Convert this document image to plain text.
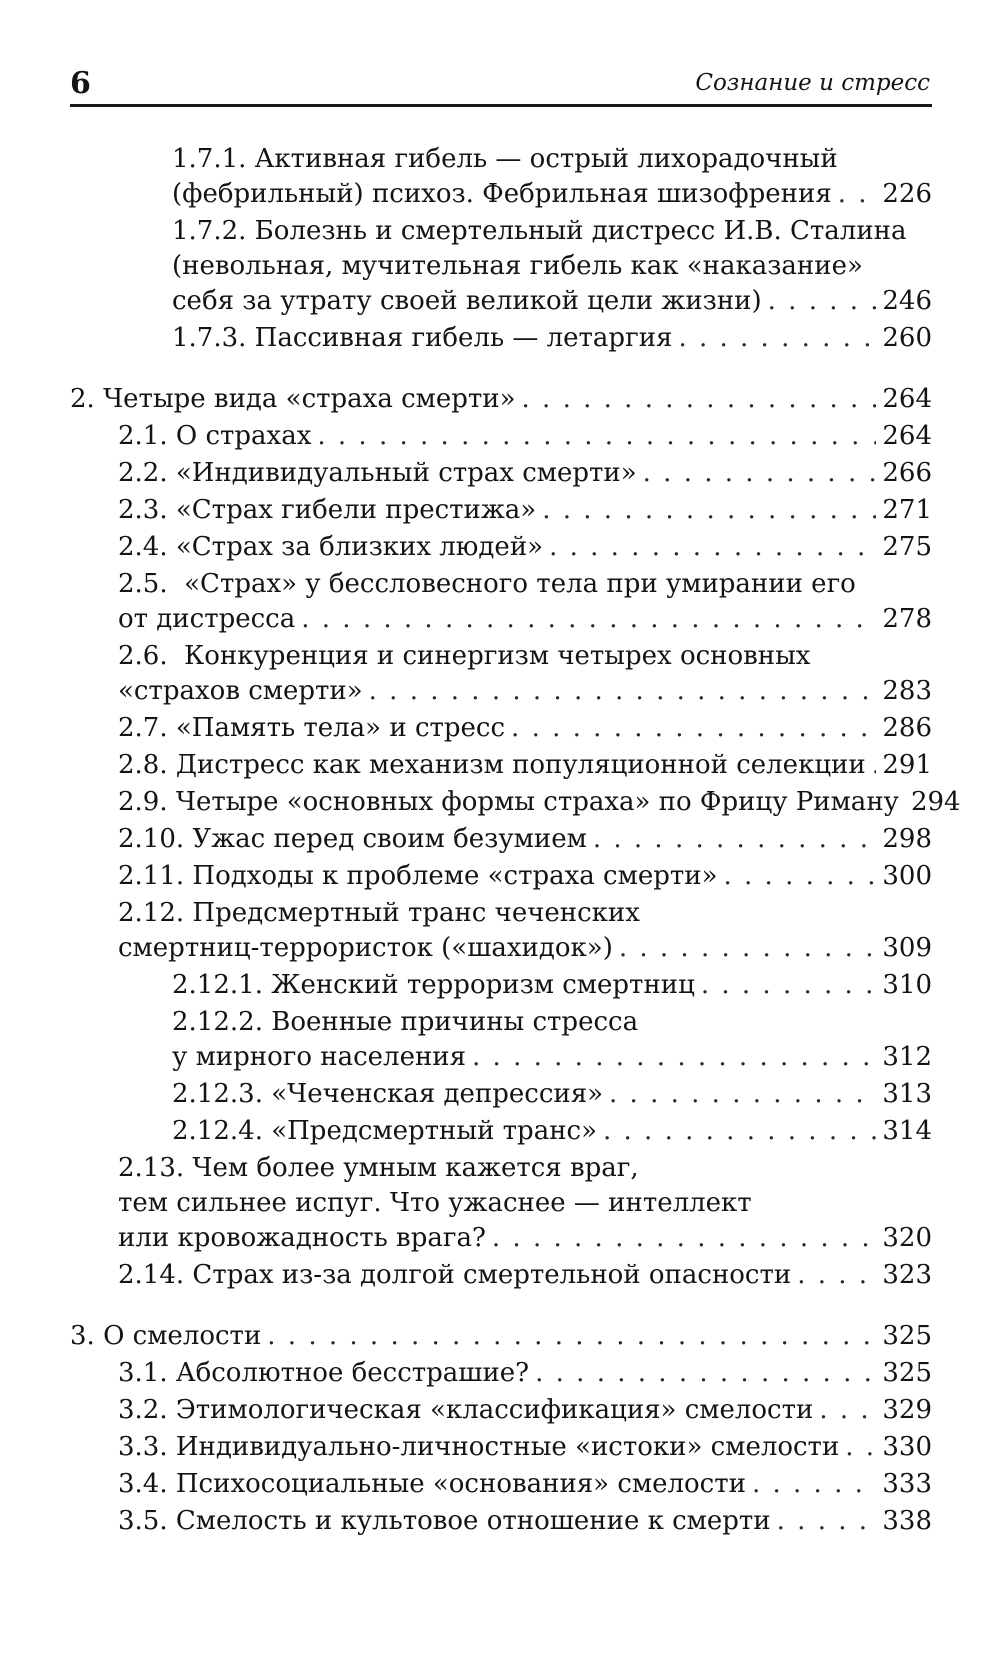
6	Сознание и стресс
1.7.1. Активная гибель — острый лихорадочный
(фебрильный) психоз. Фебрильная шизофрения . . . 226
1.7.2. Болезнь и смертельный дистресс И.В. Сталина
(невольная, мучительная гибель как «наказание»
себя за утрату своей великой цели жизни) . . .	246
1.7.3. Пассивная гибель — летаргия . . .	260
2. Четыре вида «страха смерти» . . .	264
2.1. О страхах . . .	264
2.2. «Индивидуальный страх смерти» . . .	266
2.3. «Страх гибели престижа» . . .	271
2.4. «Страх за близких людей» . . .	275
2.5.  «Страх» у бессловесного тела при умирании его
от дистресса . . .	278
2.6.  Конкуренция и синергизм четырех основных
«страхов смерти» . . .	283
2.7. «Память тела» и стресс . . .	286
2.8. Дистресс как механизм популяционной селекции . . . 291
2.9. Четыре «основных формы страха» по Фрицу Риману 294
2.10. Ужас перед своим безумием . . .	298
2.11. Подходы к проблеме «страха смерти» . . .	300
2.12. Предсмертный транс чеченских
смертниц-террористок («шахидок») . . .	309
2.12.1. Женский терроризм смертниц . . .	310
2.12.2. Военные причины стресса
у мирного населения . . .	312
2.12.3. «Чеченская депрессия» . . .	313
2.12.4. «Предсмертный транс» . . .	314
2.13. Чем более умным кажется враг,
тем сильнее испуг. Что ужаснее — интеллект
или кровожадность врага? . . .	320
2.14. Страх из-за долгой смертельной опасности . . .	323
3. О смелости . . .	325
3.1. Абсолютное бесстрашие? . . .	325
3.2. Этимологическая «классификация» смелости . . .	329
3.3. Индивидуально-личностные «истоки» смелости . . . 330
3.4. Психосоциальные «основания» смелости . . .	333
3.5. Смелость и культовое отношение к смерти . . .	338
